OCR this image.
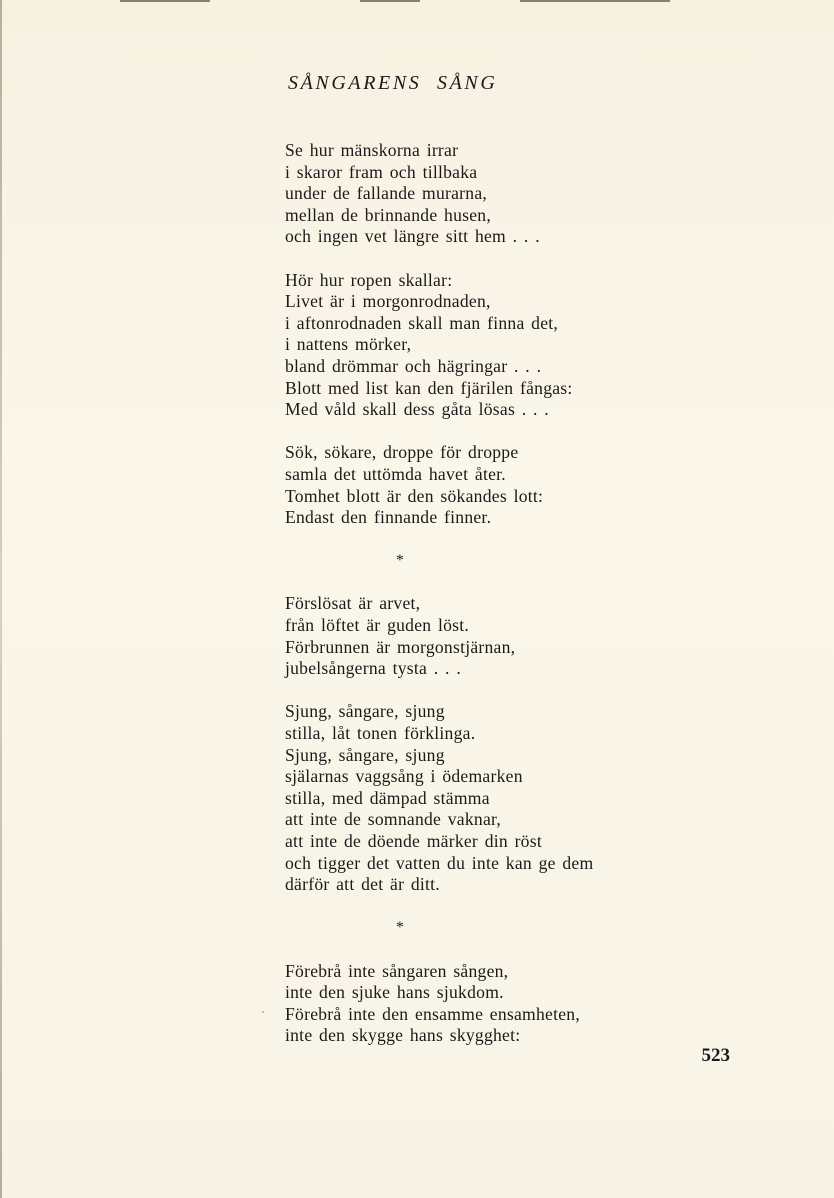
SÅNGARENS SÅNG
Se hur mänskorna irrar
i skaror fram och tillbaka
under de fallande murarna,
mellan de brinnande husen,
och ingen vet längre sitt hem . . .
Hör hur ropen skallar:
Livet är i morgonrodnaden,
i aftonrodnaden skall man finna det,
i nattens mörker,
bland drömmar och hägringar . . .
Blott med list kan den fjärilen fångas:
Med våld skall dess gåta lösas . . .
Sök, sökare, droppe för droppe
samla det uttömda havet åter.
Tomhet blott är den sökandes lott:
Endast den finnande finner.
*
Förslösat är arvet,
från löftet är guden löst.
Förbrunnen är morgonstjärnan,
jubelsångerna tysta . . .
Sjung, sångare, sjung
stilla, låt tonen förklinga.
Sjung, sångare, sjung
själarnas vaggsång i ödemarken
stilla, med dämpad stämma
att inte de somnande vaknar,
att inte de döende märker din röst
och tigger det vatten du inte kan ge dem
därför att det är ditt.
*
Förebrå inte sångaren sången,
inte den sjuke hans sjukdom.
Förebrå inte den ensamme ensamheten,
inte den skygge hans skygghet:
523
